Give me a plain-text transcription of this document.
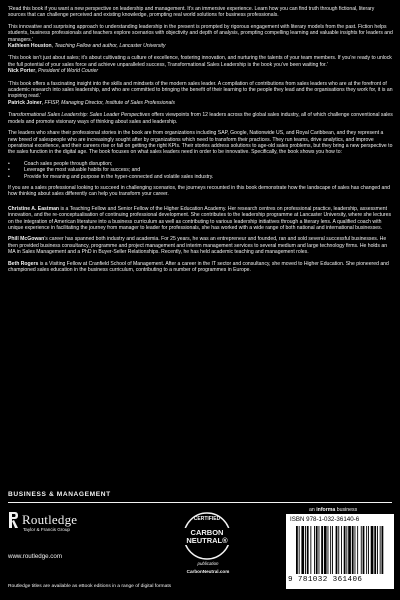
‘Read this book if you want a new perspective on leadership and management. It’s an immersive experience. Learn how you can find truth through fictional, literary sources that can challenge perceived and existing knowledge, prompting real world solutions for business professionals.

This innovative and surprising approach to understanding leadership in the present is prompted by rigorous engagement with literary models from the past. Fiction helps students, business professionals and teachers explore scenarios with objectivity and depth of analysis, prompting compelling learning and valuable insights for leaders and managers.’

Kathleen Houston, Teaching Fellow and author, Lancaster University

‘This book isn’t just about sales; it’s about cultivating a culture of excellence, fostering innovation, and nurturing the talents of your team members. If you’re ready to unlock the full potential of your sales force and achieve unparalleled success, Transformational Sales Leadership is the book you’ve been waiting for.’

Nick Porter, President of World Courier

‘This book offers a fascinating insight into the skills and mindsets of the modern sales leader. A compilation of contributions from sales leaders who are at the forefront of academic research into sales leadership, and who are committed to bringing the benefit of their learning to the people they lead and the organisations they work for, it is an inspiring read.’

Patrick Joiner, FFISP, Managing Director, Institute of Sales Professionals

Transformational Sales Leadership: Sales Leader Perspectives offers viewpoints from 12 leaders across the global sales industry, all of which challenge conventional sales models and promote visionary ways of thinking about sales and leadership.

The leaders who share their professional stories in the book are from organizations including SAP, Google, Nationwide US, and Royal Caribbean, and they represent a new breed of salespeople who are increasingly sought after by organizations which need to transform their practices. They run teams, drive analytics, and improve operational excellence, and their careers rise or fall on getting the right KPIs. Their stories address solutions to age-old sales problems, but they bring a new perspective to the sales function in the digital age. The book focuses on what sales leaders need in order to be innovative. Specifically, the book shows you how to:

• Coach sales people through disruption;
• Leverage the most valuable habits for success; and
• Provide for meaning and purpose in the hyper-connected and volatile sales industry.

If you are a sales professional looking to succeed in challenging scenarios, the journeys recounted in this book demonstrate how the landscape of sales has changed and how thinking about sales differently can help you transform your career.

Christine A. Eastman is a Teaching Fellow and Senior Fellow of the Higher Education Academy. Her research centres on professional practice, leadership, assessment innovation, and the re-conceptualisation of continuing professional development. She contributes to the leadership programme at Lancaster University, where she lectures on the integration of American literature into a business curriculum as well as contributing to various leadership initiatives through a literary lens. A qualified coach with unique experience in facilitating the journey from manager to leader for professionals, she has worked with a wide range of both national and international businesses.

Phill McGowan’s career has spanned both industry and academia. For 25 years, he was an entrepreneur and founded, ran and sold several successful businesses. He then provided business consultancy, programme and project management and interim management services to several medium and large technology firms. He holds an MA in Sales Management and a PhD in Buyer-Seller Relationships. Recently, he has held academic teaching and management roles.

Beth Rogers is a Visiting Fellow at Cranfield School of Management. After a career in the IT sector and consultancy, she moved to Higher Education. She pioneered and championed sales education in the business curriculum, contributing to a number of programmes in Europe.

BUSINESS & MANAGEMENT
Routledge
Taylor & Francis Group
www.routledge.com
Routledge titles are available as eBook editions in a range of digital formats
CERTIFIED
CARBON
NEUTRAL®
publication
CarbonNeutral.com
an informa business
ISBN 978-1-032-36140-6
9 781032 361406
